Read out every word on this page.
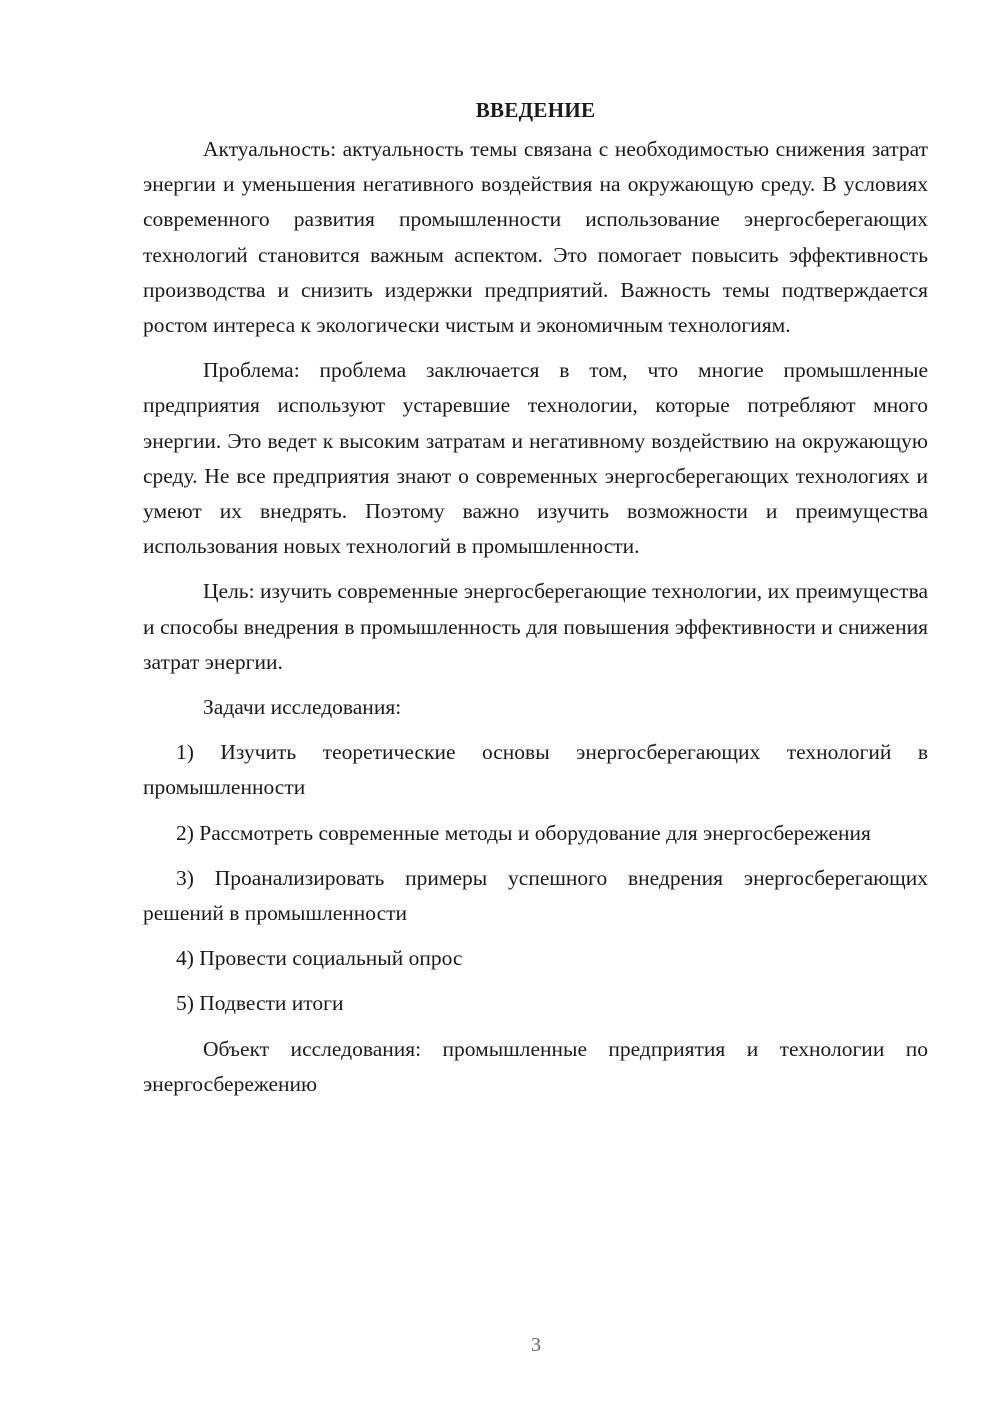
ВВЕДЕНИЕ

Актуальность: актуальность темы связана с необходимостью снижения затрат энергии и уменьшения негативного воздействия на окружающую среду. В условиях современного развития промышленности использование энергосберегающих технологий становится важным аспектом. Это помогает повысить эффективность производства и снизить издержки предприятий. Важность темы подтверждается ростом интереса к экологически чистым и экономичным технологиям.

Проблема: проблема заключается в том, что многие промышленные предприятия используют устаревшие технологии, которые потребляют много энергии. Это ведет к высоким затратам и негативному воздействию на окружающую среду. Не все предприятия знают о современных энергосберегающих технологиях и умеют их внедрять. Поэтому важно изучить возможности и преимущества использования новых технологий в промышленности.

Цель: изучить современные энергосберегающие технологии, их преимущества и способы внедрения в промышленность для повышения эффективности и снижения затрат энергии.

Задачи исследования:

1) Изучить теоретические основы энергосберегающих технологий в промышленности

2) Рассмотреть современные методы и оборудование для энергосбережения

3) Проанализировать примеры успешного внедрения энергосберегающих решений в промышленности

4) Провести социальный опрос

5) Подвести итоги

Объект исследования: промышленные предприятия и технологии по энергосбережению

3
